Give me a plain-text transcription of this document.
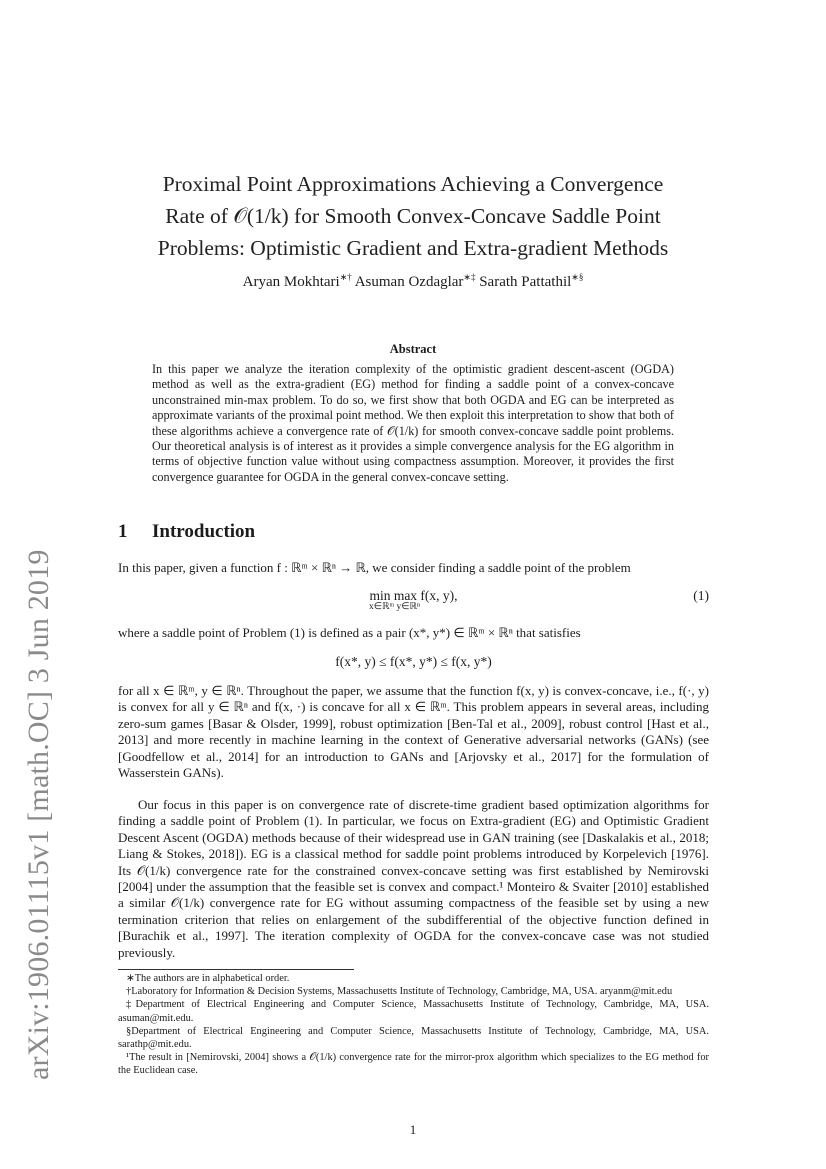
arXiv:1906.01115v1 [math.OC] 3 Jun 2019
Proximal Point Approximations Achieving a Convergence
Rate of 𝒪(1/k) for Smooth Convex-Concave Saddle Point
Problems: Optimistic Gradient and Extra-gradient Methods
Aryan Mokhtari∗† Asuman Ozdaglar∗‡ Sarath Pattathil∗§
Abstract
In this paper we analyze the iteration complexity of the optimistic gradient descent-ascent (OGDA) method as well as the extra-gradient (EG) method for finding a saddle point of a convex-concave unconstrained min-max problem. To do so, we first show that both OGDA and EG can be interpreted as approximate variants of the proximal point method. We then exploit this interpretation to show that both of these algorithms achieve a convergence rate of 𝒪(1/k) for smooth convex-concave saddle point problems. Our theoretical analysis is of interest as it provides a simple convergence analysis for the EG algorithm in terms of objective function value without using compactness assumption. Moreover, it provides the first convergence guarantee for OGDA in the general convex-concave setting.
1 Introduction
In this paper, given a function f : ℝᵐ × ℝⁿ → ℝ, we consider finding a saddle point of the problem
min max f(x, y),
x∈ℝᵐ y∈ℝⁿ
(1)
where a saddle point of Problem (1) is defined as a pair (x*, y*) ∈ ℝᵐ × ℝⁿ that satisfies
f(x*, y) ≤ f(x*, y*) ≤ f(x, y*)
for all x ∈ ℝᵐ, y ∈ ℝⁿ. Throughout the paper, we assume that the function f(x, y) is convex-concave, i.e., f(·, y) is convex for all y ∈ ℝⁿ and f(x, ·) is concave for all x ∈ ℝᵐ. This problem appears in several areas, including zero-sum games [Basar & Olsder, 1999], robust optimization [Ben-Tal et al., 2009], robust control [Hast et al., 2013] and more recently in machine learning in the context of Generative adversarial networks (GANs) (see [Goodfellow et al., 2014] for an introduction to GANs and [Arjovsky et al., 2017] for the formulation of Wasserstein GANs).
Our focus in this paper is on convergence rate of discrete-time gradient based optimization algorithms for finding a saddle point of Problem (1). In particular, we focus on Extra-gradient (EG) and Optimistic Gradient Descent Ascent (OGDA) methods because of their widespread use in GAN training (see [Daskalakis et al., 2018; Liang & Stokes, 2018]). EG is a classical method for saddle point problems introduced by Korpelevich [1976]. Its 𝒪(1/k) convergence rate for the constrained convex-concave setting was first established by Nemirovski [2004] under the assumption that the feasible set is convex and compact.¹ Monteiro & Svaiter [2010] established a similar 𝒪(1/k) convergence rate for EG without assuming compactness of the feasible set by using a new termination criterion that relies on enlargement of the subdifferential of the objective function defined in [Burachik et al., 1997]. The iteration complexity of OGDA for the convex-concave case was not studied previously.

∗The authors are in alphabetical order.

†Laboratory for Information & Decision Systems, Massachusetts Institute of Technology, Cambridge, MA, USA. aryanm@mit.edu

‡Department of Electrical Engineering and Computer Science, Massachusetts Institute of Technology, Cambridge, MA, USA. asuman@mit.edu.

§Department of Electrical Engineering and Computer Science, Massachusetts Institute of Technology, Cambridge, MA, USA. sarathp@mit.edu.

¹The result in [Nemirovski, 2004] shows a 𝒪(1/k) convergence rate for the mirror-prox algorithm which specializes to the EG method for the Euclidean case.

1
